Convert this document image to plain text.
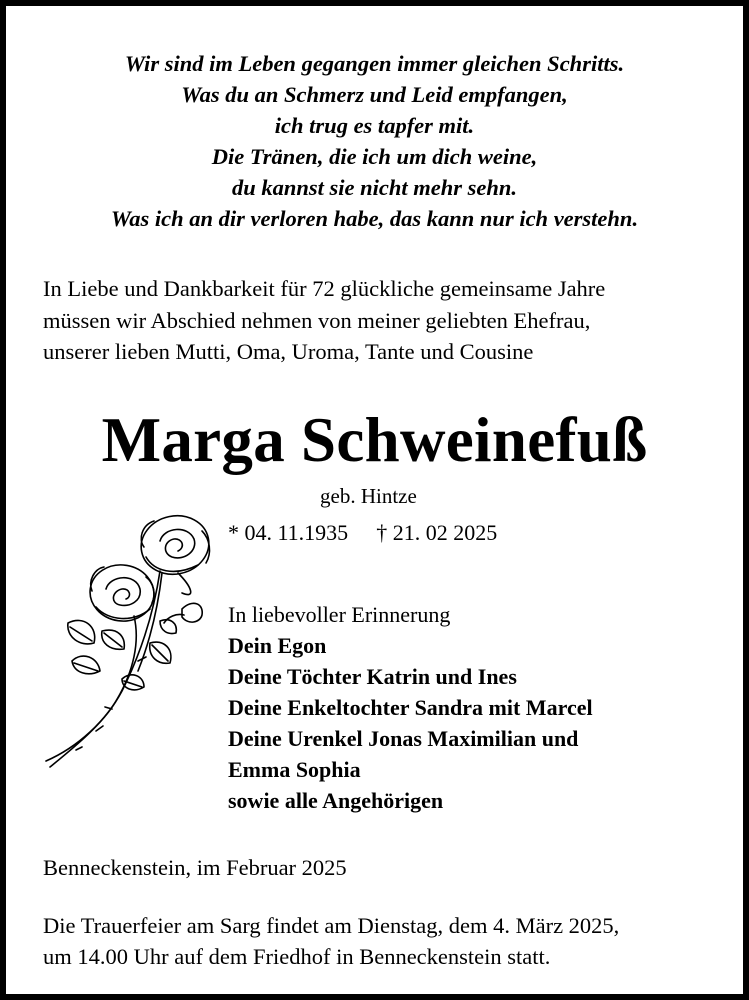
Wir sind im Leben gegangen immer gleichen Schritts.
Was du an Schmerz und Leid empfangen,
ich trug es tapfer mit.
Die Tränen, die ich um dich weine,
du kannst sie nicht mehr sehn.
Was ich an dir verloren habe, das kann nur ich verstehn.
In Liebe und Dankbarkeit für 72 glückliche gemeinsame Jahre
müssen wir Abschied nehmen von meiner geliebten Ehefrau,
unserer lieben Mutti, Oma, Uroma, Tante und Cousine
Marga Schweinefuß
geb. Hintze
* 04. 11.1935 † 21. 02 2025
In liebevoller Erinnerung
Dein Egon
Deine Töchter Katrin und Ines
Deine Enkeltochter Sandra mit Marcel
Deine Urenkel Jonas Maximilian und
Emma Sophia
sowie alle Angehörigen
Benneckenstein, im Februar 2025
Die Trauerfeier am Sarg findet am Dienstag, dem 4. März 2025,
um 14.00 Uhr auf dem Friedhof in Benneckenstein statt.
